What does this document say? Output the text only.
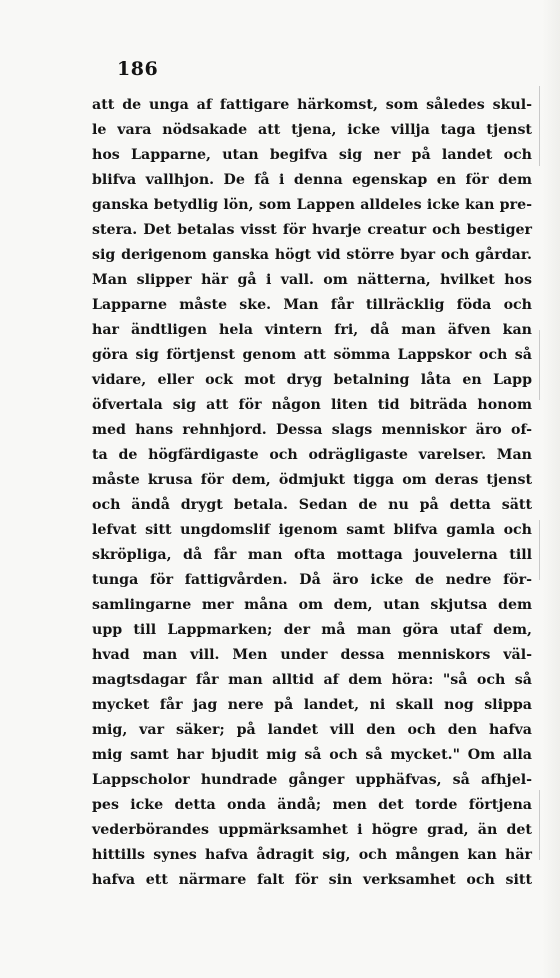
186
att de unga af fattigare härkomst, som således skul-
le vara nödsakade att tjena, icke villja taga tjenst
hos Lapparne, utan begifva sig ner på landet och
blifva vallhjon. De få i denna egenskap en för dem
ganska betydlig lön, som Lappen alldeles icke kan pre-
stera. Det betalas visst för hvarje creatur och bestiger
sig derigenom ganska högt vid större byar och gårdar.
Man slipper här gå i vall. om nätterna, hvilket hos
Lapparne måste ske. Man får tillräcklig föda och
har ändtligen hela vintern fri, då man äfven kan
göra sig förtjenst genom att sömma Lappskor och så
vidare, eller ock mot dryg betalning låta en Lapp
öfvertala sig att för någon liten tid biträda honom
med hans rehnhjord. Dessa slags menniskor äro of-
ta de högfärdigaste och odrägligaste varelser. Man
måste krusa för dem, ödmjukt tigga om deras tjenst
och ändå drygt betala. Sedan de nu på detta sätt
lefvat sitt ungdomslif igenom samt blifva gamla och
skröpliga, då får man ofta mottaga jouvelerna till
tunga för fattigvården. Då äro icke de nedre för-
samlingarne mer måna om dem, utan skjutsa dem
upp till Lappmarken; der må man göra utaf dem,
hvad man vill. Men under dessa menniskors väl-
magtsdagar får man alltid af dem höra: "så och så
mycket får jag nere på landet, ni skall nog slippa
mig, var säker; på landet vill den och den hafva
mig samt har bjudit mig så och så mycket." Om alla
Lappscholor hundrade gånger upphäfvas, så afhjel-
pes icke detta onda ändå; men det torde förtjena
vederbörandes uppmärksamhet i högre grad, än det
hittills synes hafva ådragit sig, och mången kan här
hafva ett närmare falt för sin verksamhet och sitt
